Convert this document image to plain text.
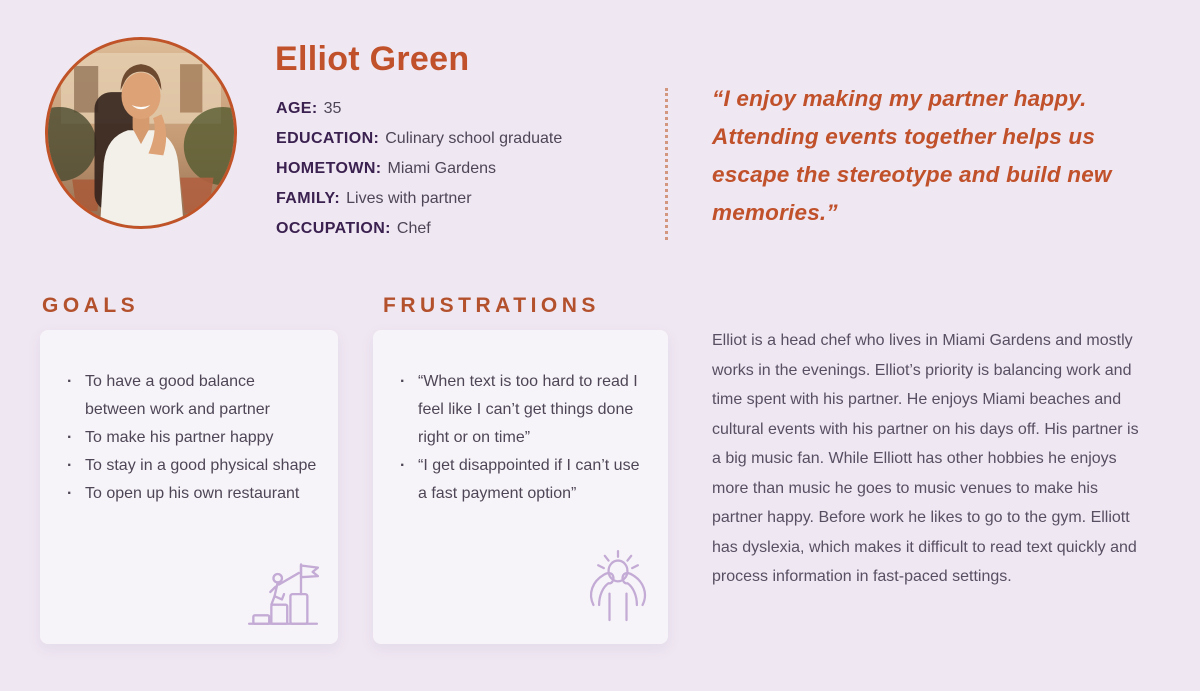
Elliot Green
AGE: 35
EDUCATION: Culinary school graduate
HOMETOWN: Miami Gardens
FAMILY: Lives with partner
OCCUPATION: Chef
“I enjoy making my partner happy. Attending events together helps us escape the stereotype and build new memories.”
GOALS
· To have a good balance between work and partner
· To make his partner happy
· To stay in a good physical shape
· To open up his own restaurant
FRUSTRATIONS
· “When text is too hard to read I feel like I can’t get things done right or on time”
· “I get disappointed if I can’t use a fast payment option”

Elliot is a head chef who lives in Miami Gardens and mostly works in the evenings. Elliot’s priority is balancing work and time spent with his partner. He enjoys Miami beaches and cultural events with his partner on his days off. His partner is a big music fan. While Elliott has other hobbies he enjoys more than music he goes to music venues to make his partner happy. Before work he likes to go to the gym. Elliott has dyslexia, which makes it difficult to read text quickly and process information in fast-paced settings.
